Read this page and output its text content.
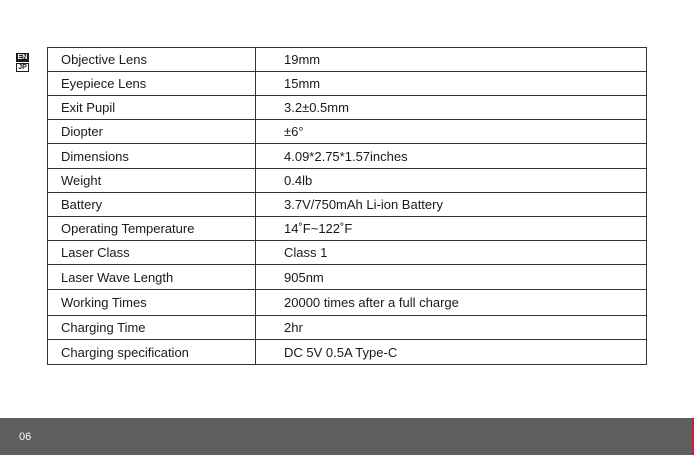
EN
JP
Objective Lens	19mm
Eyepiece Lens	15mm
Exit Pupil	3.2±0.5mm
Diopter	±6°
Dimensions	4.09*2.75*1.57inches
Weight	0.4lb
Battery	3.7V/750mAh Li-ion Battery
Operating Temperature	14˚F~122˚F
Laser Class	Class 1
Laser Wave Length	905nm
Working Times	20000 times after a full charge
Charging Time	2hr
Charging specification	DC 5V 0.5A Type-C
06
